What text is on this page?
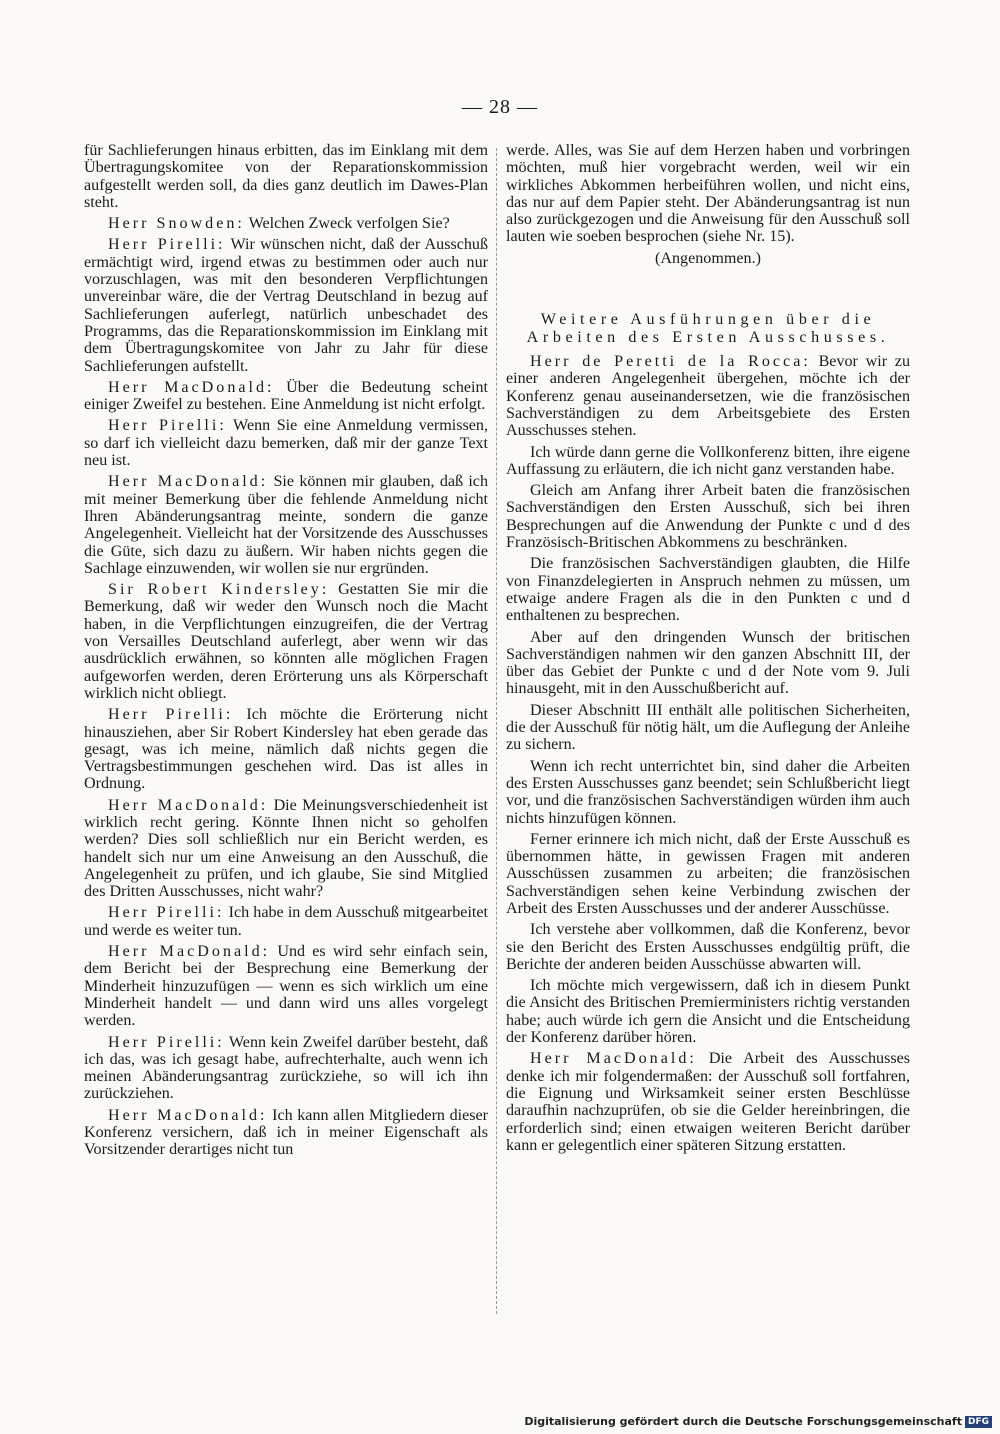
— 28 —

für Sachlieferungen hinaus erbitten, das im Einklang mit dem Übertragungskomitee von der Reparationskommission aufgestellt werden soll, da dies ganz deutlich im Dawes-Plan steht.

Herr Snowden: Welchen Zweck verfolgen Sie?

Herr Pirelli: Wir wünschen nicht, daß der Ausschuß ermächtigt wird, irgend etwas zu bestimmen oder auch nur vorzuschlagen, was mit den besonderen Verpflichtungen unvereinbar wäre, die der Vertrag Deutschland in bezug auf Sachlieferungen auferlegt, natürlich unbeschadet des Programms, das die Reparationskommission im Einklang mit dem Übertragungskomitee von Jahr zu Jahr für diese Sachlieferungen aufstellt.

Herr MacDonald: Über die Bedeutung scheint einiger Zweifel zu bestehen. Eine Anmeldung ist nicht erfolgt.

Herr Pirelli: Wenn Sie eine Anmeldung vermissen, so darf ich vielleicht dazu bemerken, daß mir der ganze Text neu ist.

Herr MacDonald: Sie können mir glauben, daß ich mit meiner Bemerkung über die fehlende Anmeldung nicht Ihren Abänderungsantrag meinte, sondern die ganze Angelegenheit. Vielleicht hat der Vorsitzende des Ausschusses die Güte, sich dazu zu äußern. Wir haben nichts gegen die Sachlage einzuwenden, wir wollen sie nur ergründen.

Sir Robert Kindersley: Gestatten Sie mir die Bemerkung, daß wir weder den Wunsch noch die Macht haben, in die Verpflichtungen einzugreifen, die der Vertrag von Versailles Deutschland auferlegt, aber wenn wir das ausdrücklich erwähnen, so könnten alle möglichen Fragen aufgeworfen werden, deren Erörterung uns als Körperschaft wirklich nicht obliegt.

Herr Pirelli: Ich möchte die Erörterung nicht hinausziehen, aber Sir Robert Kindersley hat eben gerade das gesagt, was ich meine, nämlich daß nichts gegen die Vertragsbestimmungen geschehen wird. Das ist alles in Ordnung.

Herr MacDonald: Die Meinungsverschiedenheit ist wirklich recht gering. Könnte Ihnen nicht so geholfen werden? Dies soll schließlich nur ein Bericht werden, es handelt sich nur um eine Anweisung an den Ausschuß, die Angelegenheit zu prüfen, und ich glaube, Sie sind Mitglied des Dritten Ausschusses, nicht wahr?

Herr Pirelli: Ich habe in dem Ausschuß mitgearbeitet und werde es weiter tun.

Herr MacDonald: Und es wird sehr einfach sein, dem Bericht bei der Besprechung eine Bemerkung der Minderheit hinzuzufügen — wenn es sich wirklich um eine Minderheit handelt — und dann wird uns alles vorgelegt werden.

Herr Pirelli: Wenn kein Zweifel darüber besteht, daß ich das, was ich gesagt habe, aufrechterhalte, auch wenn ich meinen Abänderungsantrag zurückziehe, so will ich ihn zurückziehen.

Herr MacDonald: Ich kann allen Mitgliedern dieser Konferenz versichern, daß ich in meiner Eigenschaft als Vorsitzender derartiges nicht tun

werde. Alles, was Sie auf dem Herzen haben und vorbringen möchten, muß hier vorgebracht werden, weil wir ein wirkliches Abkommen herbeiführen wollen, und nicht eins, das nur auf dem Papier steht. Der Abänderungsantrag ist nun also zurückgezogen und die Anweisung für den Ausschuß soll lauten wie soeben besprochen (siehe Nr. 15).

(Angenommen.)

Weitere Ausführungen über die Arbeiten des Ersten Ausschusses.

Herr de Peretti de la Rocca: Bevor wir zu einer anderen Angelegenheit übergehen, möchte ich der Konferenz genau auseinandersetzen, wie die französischen Sachverständigen zu dem Arbeitsgebiete des Ersten Ausschusses stehen.

Ich würde dann gerne die Vollkonferenz bitten, ihre eigene Auffassung zu erläutern, die ich nicht ganz verstanden habe.

Gleich am Anfang ihrer Arbeit baten die französischen Sachverständigen den Ersten Ausschuß, sich bei ihren Besprechungen auf die Anwendung der Punkte c und d des Französisch-Britischen Abkommens zu beschränken.

Die französischen Sachverständigen glaubten, die Hilfe von Finanzdelegierten in Anspruch nehmen zu müssen, um etwaige andere Fragen als die in den Punkten c und d enthaltenen zu besprechen.

Aber auf den dringenden Wunsch der britischen Sachverständigen nahmen wir den ganzen Abschnitt III, der über das Gebiet der Punkte c und d der Note vom 9. Juli hinausgeht, mit in den Ausschußbericht auf.

Dieser Abschnitt III enthält alle politischen Sicherheiten, die der Ausschuß für nötig hält, um die Auflegung der Anleihe zu sichern.

Wenn ich recht unterrichtet bin, sind daher die Arbeiten des Ersten Ausschusses ganz beendet; sein Schlußbericht liegt vor, und die französischen Sachverständigen würden ihm auch nichts hinzufügen können.

Ferner erinnere ich mich nicht, daß der Erste Ausschuß es übernommen hätte, in gewissen Fragen mit anderen Ausschüssen zusammen zu arbeiten; die französischen Sachverständigen sehen keine Verbindung zwischen der Arbeit des Ersten Ausschusses und der anderer Ausschüsse.

Ich verstehe aber vollkommen, daß die Konferenz, bevor sie den Bericht des Ersten Ausschusses endgültig prüft, die Berichte der anderen beiden Ausschüsse abwarten will.

Ich möchte mich vergewissern, daß ich in diesem Punkt die Ansicht des Britischen Premierministers richtig verstanden habe; auch würde ich gern die Ansicht und die Entscheidung der Konferenz darüber hören.

Herr MacDonald: Die Arbeit des Ausschusses denke ich mir folgendermaßen: der Ausschuß soll fortfahren, die Eignung und Wirksamkeit seiner ersten Beschlüsse daraufhin nachzuprüfen, ob sie die Gelder hereinbringen, die erforderlich sind; einen etwaigen weiteren Bericht darüber kann er gelegentlich einer späteren Sitzung erstatten.

Digitalisierung gefördert durch die Deutsche Forschungsgemeinschaft DFG
